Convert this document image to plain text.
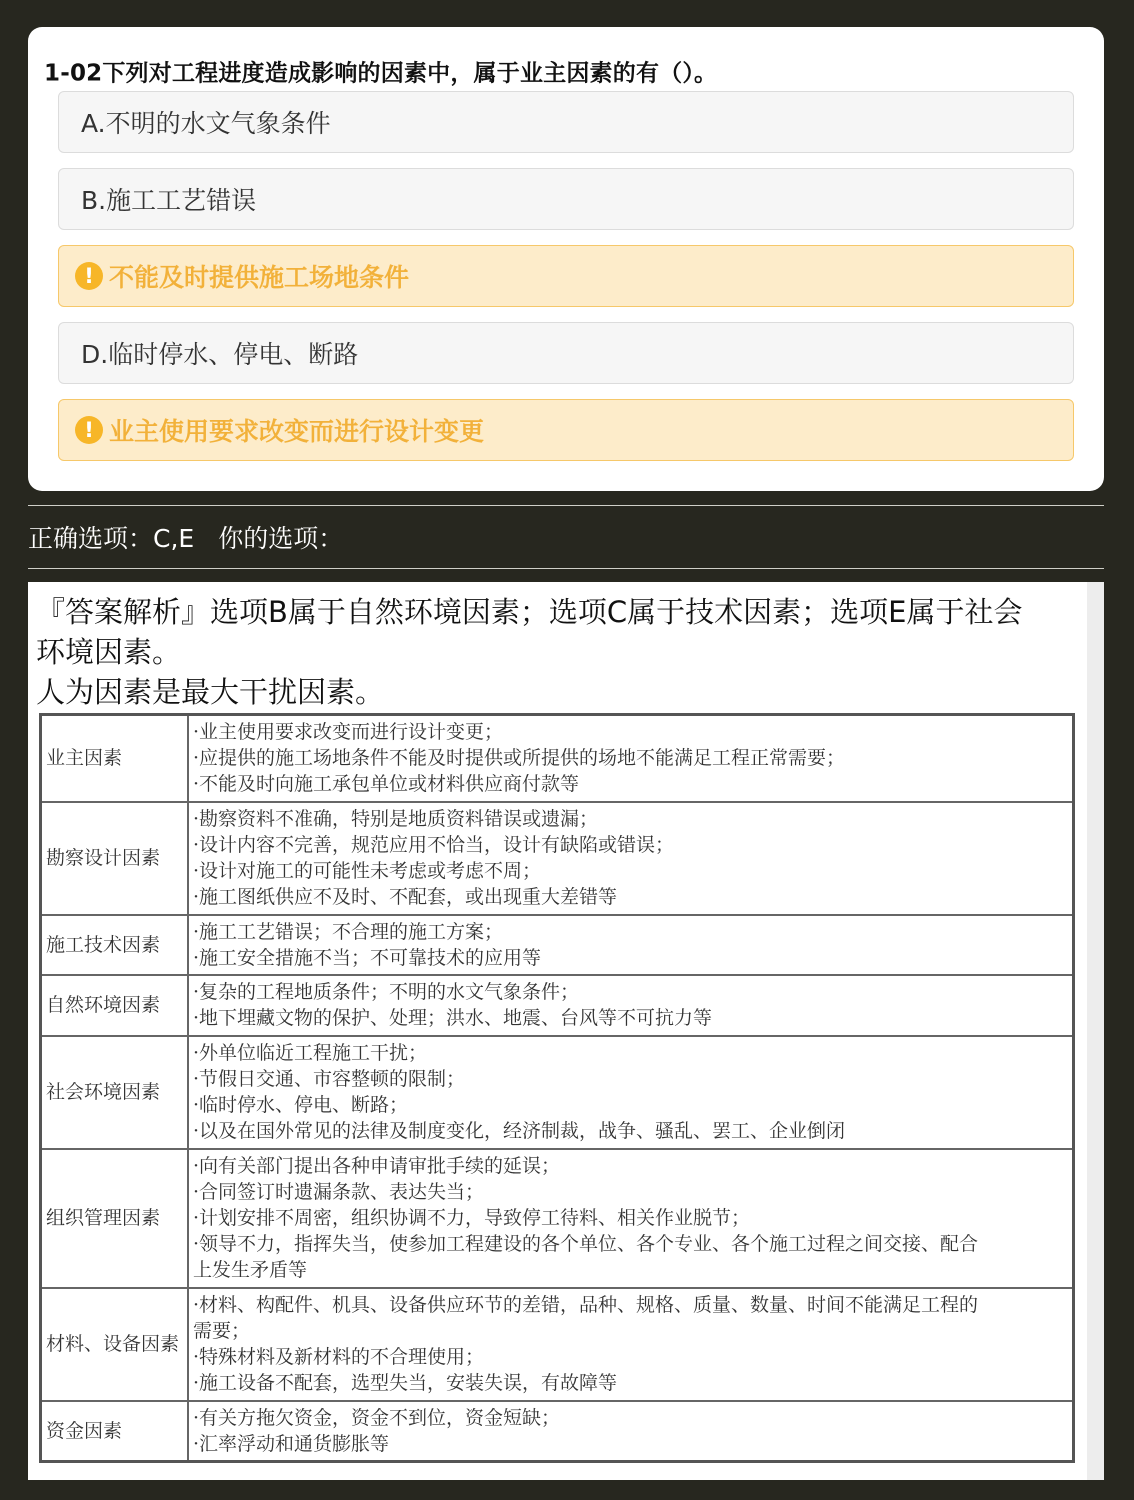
1-02下列对工程进度造成影响的因素中，属于业主因素的有（）。
A.不明的水文气象条件
B.施工工艺错误
! 不能及时提供施工场地条件
D.临时停水、停电、断路
! 业主使用要求改变而进行设计变更
正确选项：C,E 你的选项：
『答案解析』选项B属于自然环境因素；选项C属于技术因素；选项E属于社会
环境因素。
人为因素是最大干扰因素。
业主因素	·业主使用要求改变而进行设计变更；
·应提供的施工场地条件不能及时提供或所提供的场地不能满足工程正常需要；
·不能及时向施工承包单位或材料供应商付款等

勘察设计因素	·勘察资料不准确，特别是地质资料错误或遗漏；
·设计内容不完善，规范应用不恰当，设计有缺陷或错误；
·设计对施工的可能性未考虑或考虑不周；
·施工图纸供应不及时、不配套，或出现重大差错等

施工技术因素	·施工工艺错误；不合理的施工方案；
·施工安全措施不当；不可靠技术的应用等

自然环境因素	·复杂的工程地质条件；不明的水文气象条件；
·地下埋藏文物的保护、处理；洪水、地震、台风等不可抗力等

社会环境因素	·外单位临近工程施工干扰；
·节假日交通、市容整顿的限制；
·临时停水、停电、断路；
·以及在国外常见的法律及制度变化，经济制裁，战争、骚乱、罢工、企业倒闭

组织管理因素	·向有关部门提出各种申请审批手续的延误；
·合同签订时遗漏条款、表达失当；
·计划安排不周密，组织协调不力，导致停工待料、相关作业脱节；
·领导不力，指挥失当，使参加工程建设的各个单位、各个专业、各个施工过程之间交接、配合
上发生矛盾等

材料、设备因素	·材料、构配件、机具、设备供应环节的差错，品种、规格、质量、数量、时间不能满足工程的
需要；
·特殊材料及新材料的不合理使用；
·施工设备不配套，选型失当，安装失误，有故障等

资金因素	·有关方拖欠资金，资金不到位，资金短缺；
·汇率浮动和通货膨胀等
